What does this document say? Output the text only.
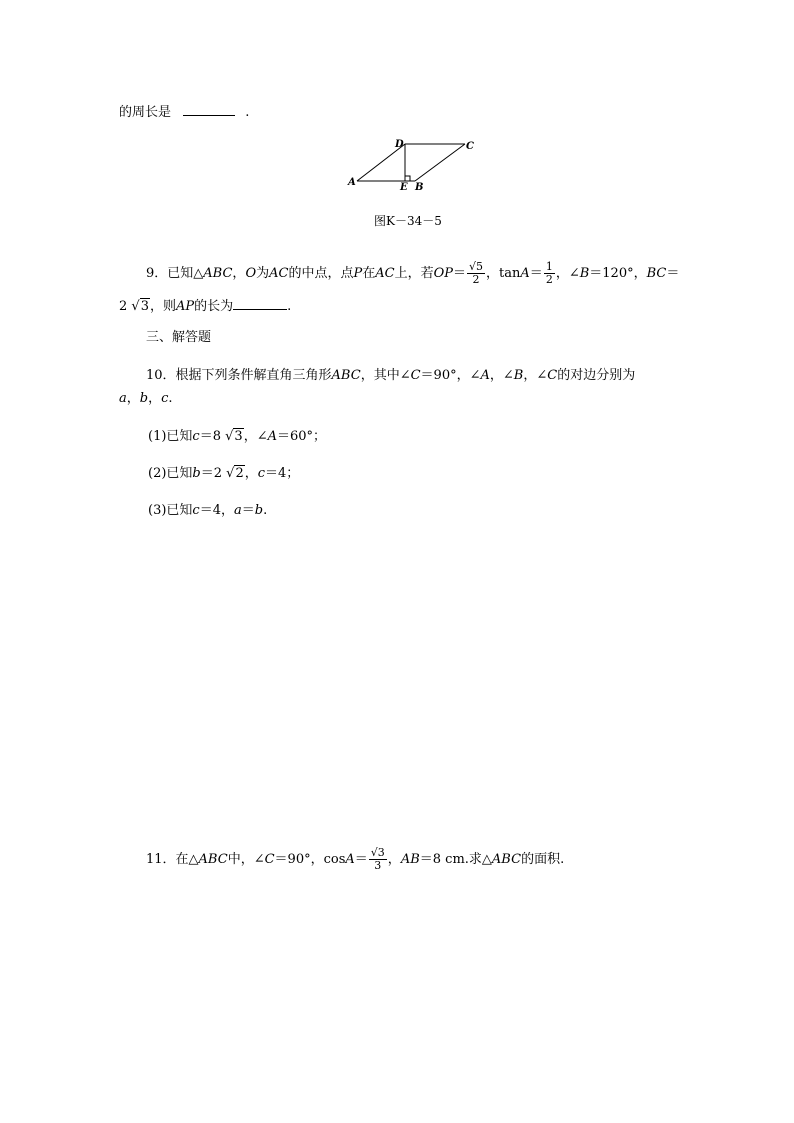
的周长是	.
A
D	C
E B
图K－34－5
9．已知△ABC，O为AC的中点，点P在AC上，若$OP= \frac{√5}{2}$ ，$\tan A= \frac{1}{2}$ ，∠B＝120°，BC＝
2 √3，则AP的长为	.
三、解答题
10．根据下列条件解直角三角形ABC，其中∠C＝90°，∠A，∠B，∠C的对边分别为
a，b，c.
(1)已知c＝8 √3，∠A＝60°；
(2)已知b＝2 √2，c＝4；
(3)已知c＝4，a＝b.
11．在△ABC中，∠C＝90°，$\cos A= \frac{√3}{3}$ ，AB＝8 cm.求△ABC的面积.
